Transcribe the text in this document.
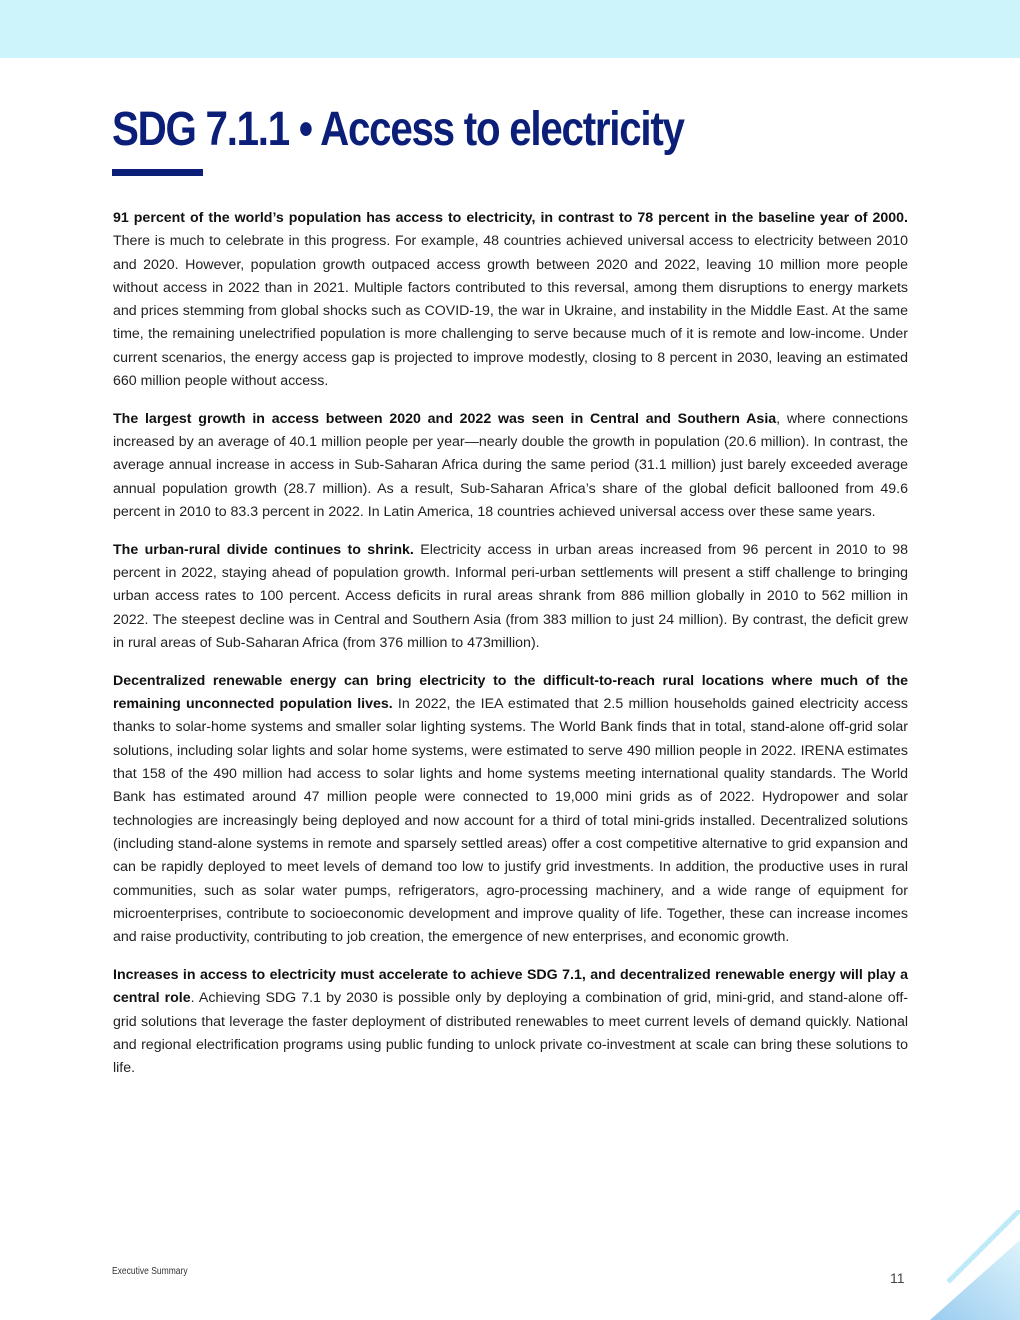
SDG 7.1.1 • Access to electricity

91 percent of the world’s population has access to electricity, in contrast to 78 percent in the baseline year of 2000. There is much to celebrate in this progress. For example, 48 countries achieved universal access to electricity between 2010 and 2020. However, population growth outpaced access growth between 2020 and 2022, leaving 10 million more people without access in 2022 than in 2021. Multiple factors contributed to this reversal, among them disruptions to energy markets and prices stemming from global shocks such as COVID-19, the war in Ukraine, and instability in the Middle East. At the same time, the remaining unelectrified population is more challenging to serve because much of it is remote and low-income. Under current scenarios, the energy access gap is projected to improve modestly, closing to 8 percent in 2030, leaving an estimated 660 million people without access.

The largest growth in access between 2020 and 2022 was seen in Central and Southern Asia, where connections increased by an average of 40.1 million people per year—nearly double the growth in population (20.6 million). In contrast, the average annual increase in access in Sub-Saharan Africa during the same period (31.1 million) just barely exceeded average annual population growth (28.7 million). As a result, Sub-Saharan Africa’s share of the global deficit ballooned from 49.6 percent in 2010 to 83.3 percent in 2022. In Latin America, 18 countries achieved universal access over these same years.

The urban-rural divide continues to shrink. Electricity access in urban areas increased from 96 percent in 2010 to 98 percent in 2022, staying ahead of population growth. Informal peri-urban settlements will present a stiff challenge to bringing urban access rates to 100 percent. Access deficits in rural areas shrank from 886 million globally in 2010 to 562 million in 2022. The steepest decline was in Central and Southern Asia (from 383 million to just 24 million). By contrast, the deficit grew in rural areas of Sub-Saharan Africa (from 376 million to 473million).

Decentralized renewable energy can bring electricity to the difficult-to-reach rural locations where much of the remaining unconnected population lives. In 2022, the IEA estimated that 2.5 million households gained electricity access thanks to solar-home systems and smaller solar lighting systems. The World Bank finds that in total, stand-alone off-grid solar solutions, including solar lights and solar home systems, were estimated to serve 490 million people in 2022. IRENA estimates that 158 of the 490 million had access to solar lights and home systems meeting international quality standards. The World Bank has estimated around 47 million people were connected to 19,000 mini grids as of 2022. Hydropower and solar technologies are increasingly being deployed and now account for a third of total mini-grids installed. Decentralized solutions (including stand-alone systems in remote and sparsely settled areas) offer a cost competitive alternative to grid expansion and can be rapidly deployed to meet levels of demand too low to justify grid investments. In addition, the productive uses in rural communities, such as solar water pumps, refrigerators, agro-processing machinery, and a wide range of equipment for microenterprises, contribute to socioeconomic development and improve quality of life. Together, these can increase incomes and raise productivity, contributing to job creation, the emergence of new enterprises, and economic growth.

Increases in access to electricity must accelerate to achieve SDG 7.1, and decentralized renewable energy will play a central role. Achieving SDG 7.1 by 2030 is possible only by deploying a combination of grid, mini-grid, and stand-alone off-grid solutions that leverage the faster deployment of distributed renewables to meet current levels of demand quickly. National and regional electrification programs using public funding to unlock private co-investment at scale can bring these solutions to life.

Executive Summary	11
